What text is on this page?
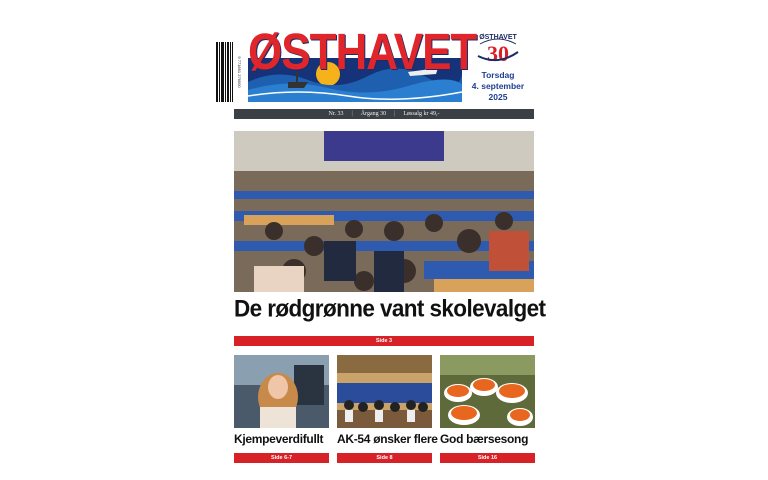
9 771891 276000 ØSTHAVET 30
ØSTHAVET
Torsdag
4. september
2025
Nr. 33 | Årgang 30 | Løssalg kr 49,-
De rødgrønne vant skolevalget
Side 3
Kjempeverdifullt
Side 6-7
AK-54 ønsker flere
Side 8
God bærsesong
Side 16
